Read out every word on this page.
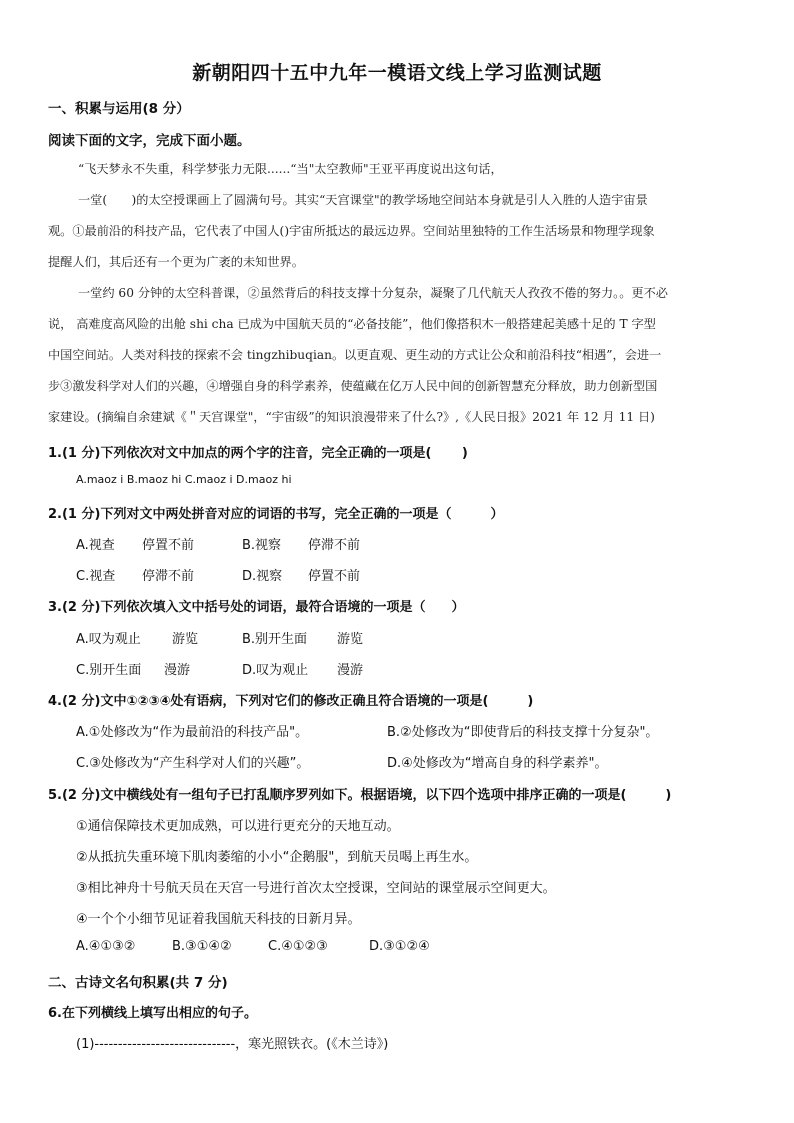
新朝阳四十五中九年一模语文线上学习监测试题
一、积累与运用(8 分）
阅读下面的文字，完成下面小题。
“飞天梦永不失重，科学梦张力无限......“当"太空教师"王亚平再度说出这句话，
一堂(　　)的太空授课画上了圆满句号。其实“天宫课堂"的教学场地空间站本身就是引人入胜的人造宇宙景
观。①最前沿的科技产品，它代表了中国人()宇宙所抵达的最远边界。空间站里独特的工作生活场景和物理学现象
提醒人们，其后还有一个更为广袤的未知世界。
一堂约 60 分钟的太空科普课，②虽然背后的科技支撑十分复杂，凝聚了几代航天人孜孜不倦的努力。。更不必
说， 高难度高风险的出舱 shi cha 已成为中国航天员的“必备技能”，他们像搭积木一般搭建起美感十足的 T 字型
中国空间站。人类对科技的探索不会 tingzhibuqian。以更直观、更生动的方式让公众和前沿科技“相遇”，会进一
步③激发科学对人们的兴趣，④增强自身的科学素养，使蕴藏在亿万人民中间的创新智慧充分释放，助力创新型国
家建设。(摘编自余建斌《＂天宫课堂"，“宇宙级”的知识浪漫带来了什么?》,《人民日报》2021 年 12 月 11 日)
1.(1 分)下列依次对文中加点的两个字的注音，完全正确的一项是(　　 )
A.maoz i B.maoz hi C.maoz i D.maoz hi
2.(1 分)下列对文中两处拼音对应的词语的书写，完全正确的一项是（　　　）
A.视查 停置不前	B.视察 停滞不前
C.视查 停滞不前	D.视察 停置不前
3.(2 分)下列依次填入文中括号处的词语，最符合语境的一项是（　　）
A.叹为观止 游览	B.别开生面 游览
C.别开生面 漫游	D.叹为观止 漫游
4.(2 分)文中①②③④处有语病，下列对它们的修改正确且符合语境的一项是(　　　)
A.①处修改为“作为最前沿的科技产品"。	B.②处修改为“即使背后的科技支撑十分复杂"。
C.③处修改为“产生科学对人们的兴趣”。	D.④处修改为“增高自身的科学素养"。
5.(2 分)文中横线处有一组句子已打乱顺序罗列如下。根据语境，以下四个选项中排序正确的一项是(　　　)
①通信保障技术更加成熟，可以进行更充分的天地互动。
②从抵抗失重环境下肌肉萎缩的小小“企鹅服"，到航天员喝上再生水。
③相比神舟十号航天员在天宫一号进行首次太空授课，空间站的课堂展示空间更大。
④一个个小细节见证着我国航天科技的日新月异。
A.④①③②	B.③①④②	C.④①②③	D.③①②④
二、古诗文名句积累(共 7 分)
6.在下列横线上填写出相应的句子。
(1)------------------------------，寒光照铁衣。(《木兰诗》)
